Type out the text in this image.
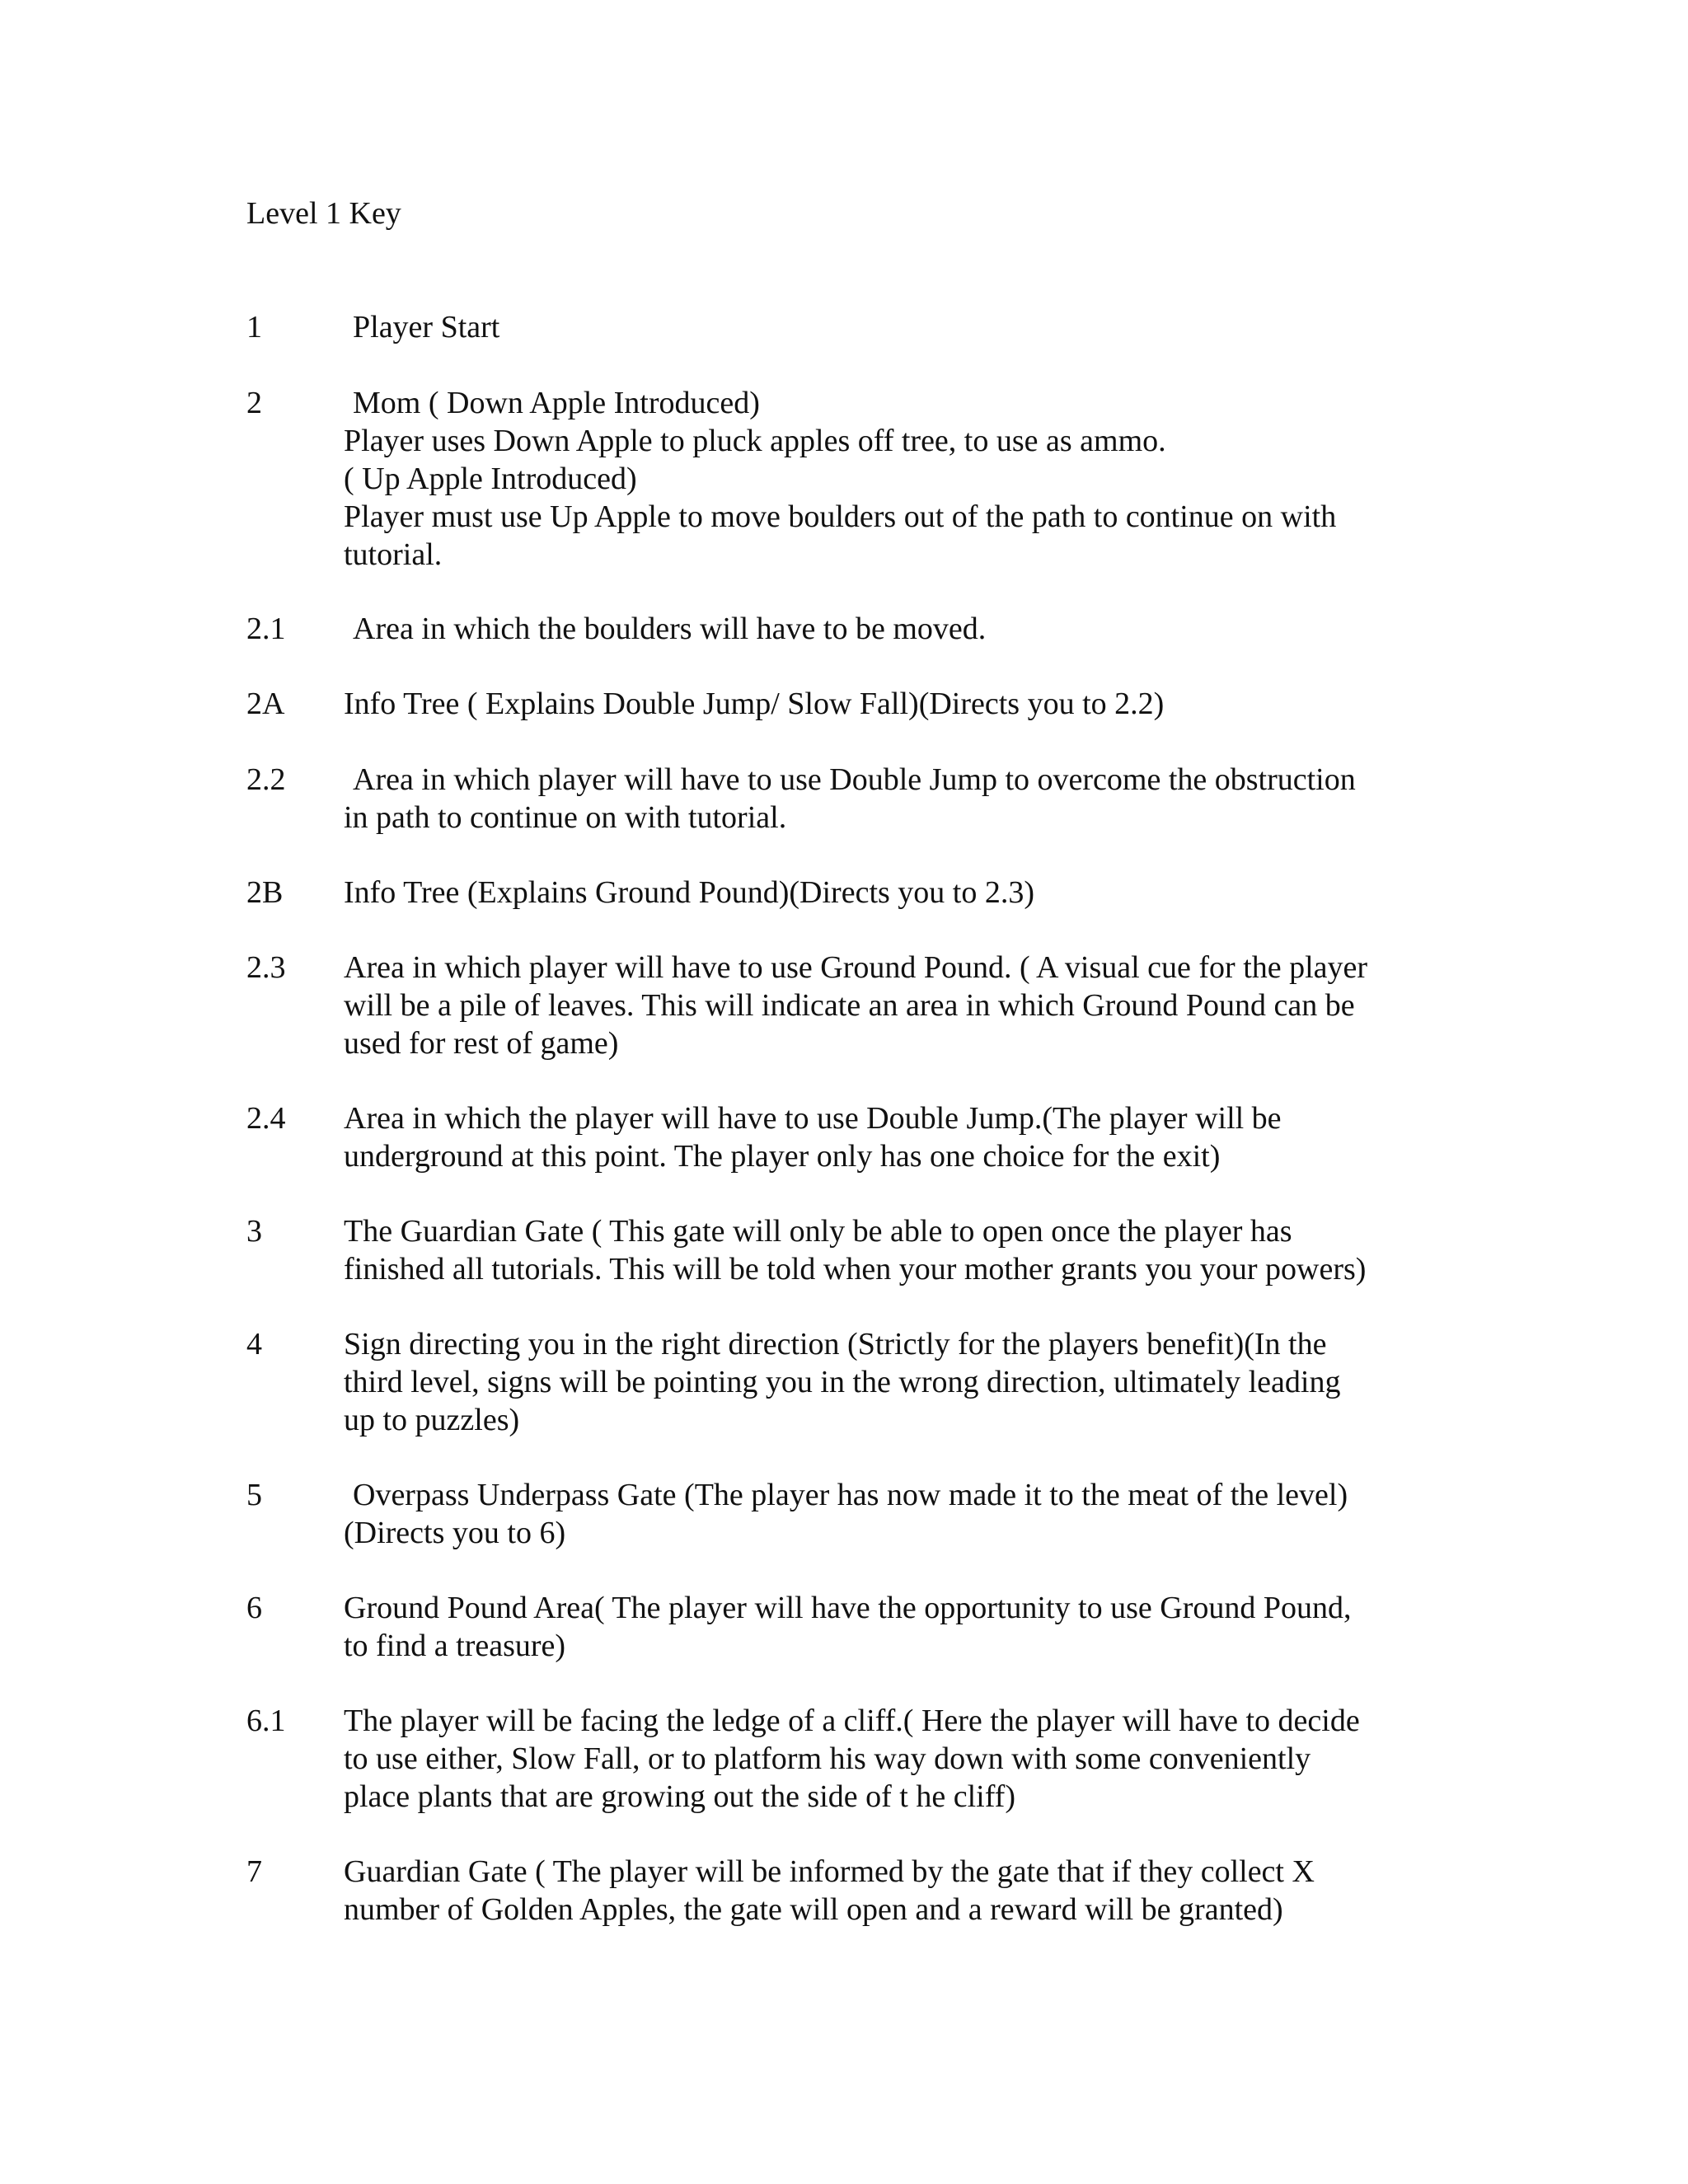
Level 1 Key
1	Player Start
2	Mom ( Down Apple Introduced)
Player uses Down Apple to pluck apples off tree, to use as ammo.
( Up Apple Introduced)
Player must use Up Apple to move boulders out of the path to continue on with
tutorial.
2.1 Area in which the boulders will have to be moved.
2A Info Tree ( Explains Double Jump/ Slow Fall)(Directs you to 2.2)
2.2 Area in which player will have to use Double Jump to overcome the obstruction
in path to continue on with tutorial.
2B Info Tree (Explains Ground Pound)(Directs you to 2.3)
2.3 Area in which player will have to use Ground Pound. ( A visual cue for the player
will be a pile of leaves. This will indicate an area in which Ground Pound can be
used for rest of game)
2.4 Area in which the player will have to use Double Jump.(The player will be
underground at this point. The player only has one choice for the exit)
3	The Guardian Gate ( This gate will only be able to open once the player has
finished all tutorials. This will be told when your mother grants you your powers)
4	Sign directing you in the right direction (Strictly for the players benefit)(In the
third level, signs will be pointing you in the wrong direction, ultimately leading
up to puzzles)
5	Overpass Underpass Gate (The player has now made it to the meat of the level)
(Directs you to 6)
6	Ground Pound Area( The player will have the opportunity to use Ground Pound,
to find a treasure)
6.1 The player will be facing the ledge of a cliff.( Here the player will have to decide
to use either, Slow Fall, or to platform his way down with some conveniently
place plants that are growing out the side of t he cliff)
7	Guardian Gate ( The player will be informed by the gate that if they collect X
number of Golden Apples, the gate will open and a reward will be granted)
